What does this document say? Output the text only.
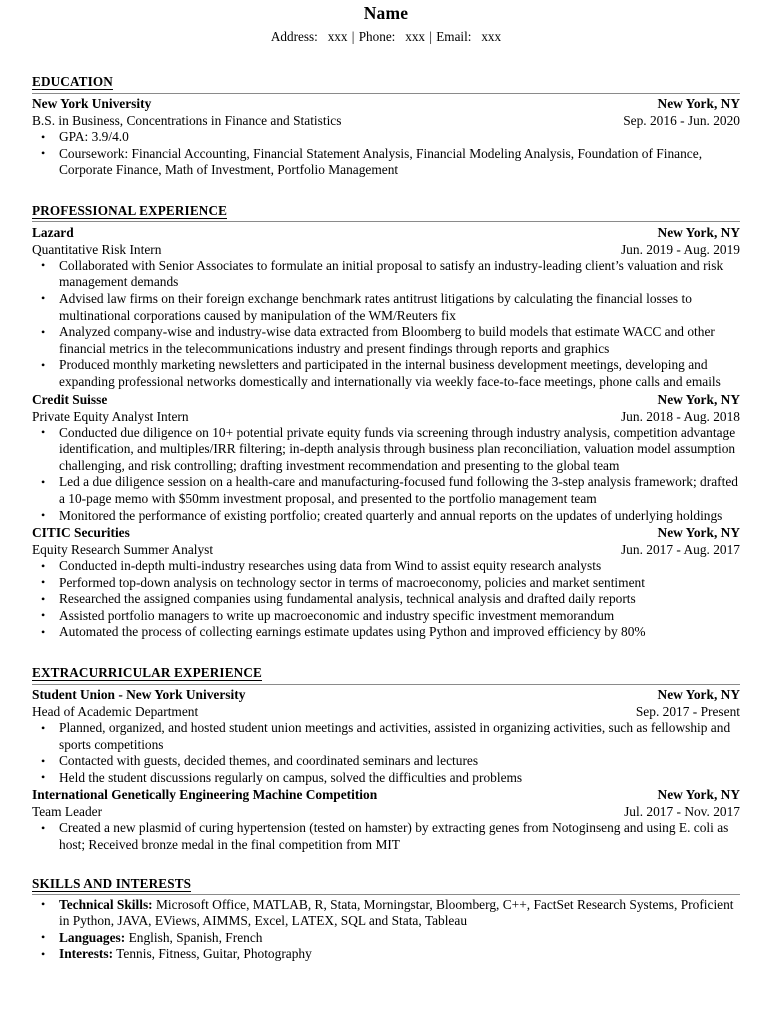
Name
Address: xxx | Phone: xxx | Email: xxx
EDUCATION
New York University	New York, NY
B.S. in Business, Concentrations in Finance and Statistics	Sep. 2016 - Jun. 2020
• GPA: 3.9/4.0
• Coursework: Financial Accounting, Financial Statement Analysis, Financial Modeling Analysis, Foundation of Finance, Corporate Finance, Math of Investment, Portfolio Management
PROFESSIONAL EXPERIENCE
Lazard	New York, NY
Quantitative Risk Intern	Jun. 2019 - Aug. 2019
• Collaborated with Senior Associates to formulate an initial proposal to satisfy an industry-leading client’s valuation and risk management demands
• Advised law firms on their foreign exchange benchmark rates antitrust litigations by calculating the financial losses to multinational corporations caused by manipulation of the WM/Reuters fix
• Analyzed company-wise and industry-wise data extracted from Bloomberg to build models that estimate WACC and other financial metrics in the telecommunications industry and present findings through reports and graphics
• Produced monthly marketing newsletters and participated in the internal business development meetings, developing and expanding professional networks domestically and internationally via weekly face-to-face meetings, phone calls and emails
Credit Suisse	New York, NY
Private Equity Analyst Intern	Jun. 2018 - Aug. 2018
• Conducted due diligence on 10+ potential private equity funds via screening through industry analysis, competition advantage identification, and multiples/IRR filtering; in-depth analysis through business plan reconciliation, valuation model assumption challenging, and risk controlling; drafting investment recommendation and presenting to the global team
• Led a due diligence session on a health-care and manufacturing-focused fund following the 3-step analysis framework; drafted a 10-page memo with $50mm investment proposal, and presented to the portfolio management team
• Monitored the performance of existing portfolio; created quarterly and annual reports on the updates of underlying holdings
CITIC Securities	New York, NY
Equity Research Summer Analyst	Jun. 2017 - Aug. 2017
• Conducted in-depth multi-industry researches using data from Wind to assist equity research analysts
• Performed top-down analysis on technology sector in terms of macroeconomy, policies and market sentiment
• Researched the assigned companies using fundamental analysis, technical analysis and drafted daily reports
• Assisted portfolio managers to write up macroeconomic and industry specific investment memorandum
• Automated the process of collecting earnings estimate updates using Python and improved efficiency by 80%
EXTRACURRICULAR EXPERIENCE
Student Union - New York University	New York, NY
Head of Academic Department	Sep. 2017 - Present
• Planned, organized, and hosted student union meetings and activities, assisted in organizing activities, such as fellowship and sports competitions
• Contacted with guests, decided themes, and coordinated seminars and lectures
• Held the student discussions regularly on campus, solved the difficulties and problems
International Genetically Engineering Machine Competition	New York, NY
Team Leader	Jul. 2017 - Nov. 2017
• Created a new plasmid of curing hypertension (tested on hamster) by extracting genes from Notoginseng and using E. coli as host; Received bronze medal in the final competition from MIT
SKILLS AND INTERESTS
• Technical Skills: Microsoft Office, MATLAB, R, Stata, Morningstar, Bloomberg, C++, FactSet Research Systems, Proficient in Python, JAVA, EViews, AIMMS, Excel, LATEX, SQL and Stata, Tableau
• Languages: English, Spanish, French
• Interests: Tennis, Fitness, Guitar, Photography
